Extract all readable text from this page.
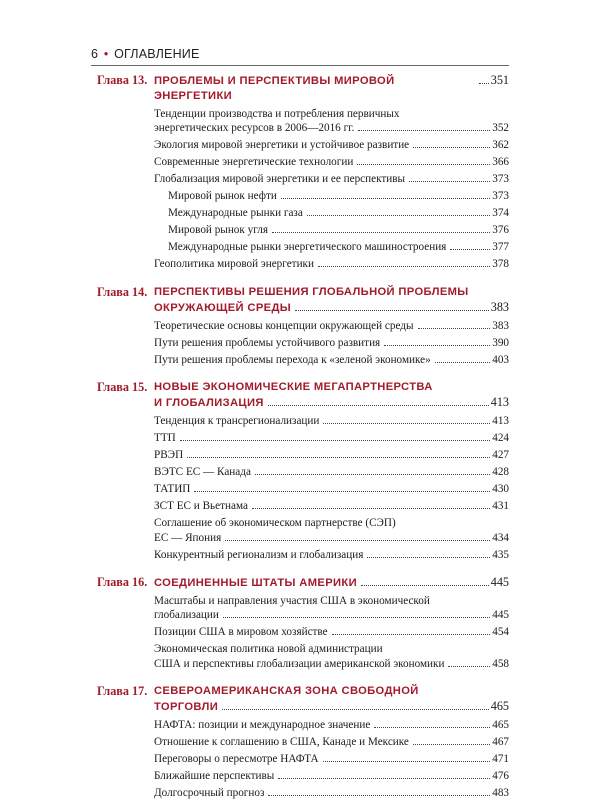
6 • ОГЛАВЛЕНИЕ
Глава 13. ПРОБЛЕМЫ И ПЕРСПЕКТИВЫ МИРОВОЙ ЭНЕРГЕТИКИ
351
Тенденции производства и потребления первичных
энергетических ресурсов в 2006—2016 гг.	352
Экология мировой энергетики и устойчивое развитие	362
Современные энергетические технологии	366
Глобализация мировой энергетики и ее перспективы	373
Мировой рынок нефти	373
Международные рынки газа	374
Мировой рынок угля	376
Международные рынки энергетического машиностроения	377
Геополитика мировой энергетики	378
Глава 14. ПЕРСПЕКТИВЫ РЕШЕНИЯ ГЛОБАЛЬНОЙ ПРОБЛЕМЫ
ОКРУЖАЮЩЕЙ СРЕДЫ	383
Теоретические основы концепции окружающей среды	383
Пути решения проблемы устойчивого развития	390
Пути решения проблемы перехода к «зеленой экономике»	403
Глава 15. НОВЫЕ ЭКОНОМИЧЕСКИЕ МЕГАПАРТНЕРСТВА
И ГЛОБАЛИЗАЦИЯ	413
Тенденция к трансрегионализации	413
ТТП	424
РВЭП	427
ВЭТС ЕС — Канада	428
ТАТИП	430
ЗСТ ЕС и Вьетнама	431
Соглашение об экономическом партнерстве (СЭП)
ЕС — Япония	434
Конкурентный регионализм и глобализация	435
Глава 16. СОЕДИНЕННЫЕ ШТАТЫ АМЕРИКИ	445
Масштабы и направления участия США в экономической
глобализации	445
Позиции США в мировом хозяйстве	454
Экономическая политика новой администрации
США и перспективы глобализации американской экономики	458
Глава 17. СЕВЕРОАМЕРИКАНСКАЯ ЗОНА СВОБОДНОЙ
ТОРГОВЛИ	465
НАФТА: позиции и международное значение	465
Отношение к соглашению в США, Канаде и Мексике	467
Переговоры о пересмотре НАФТА	471
Ближайшие перспективы	476
Долгосрочный прогноз	483
